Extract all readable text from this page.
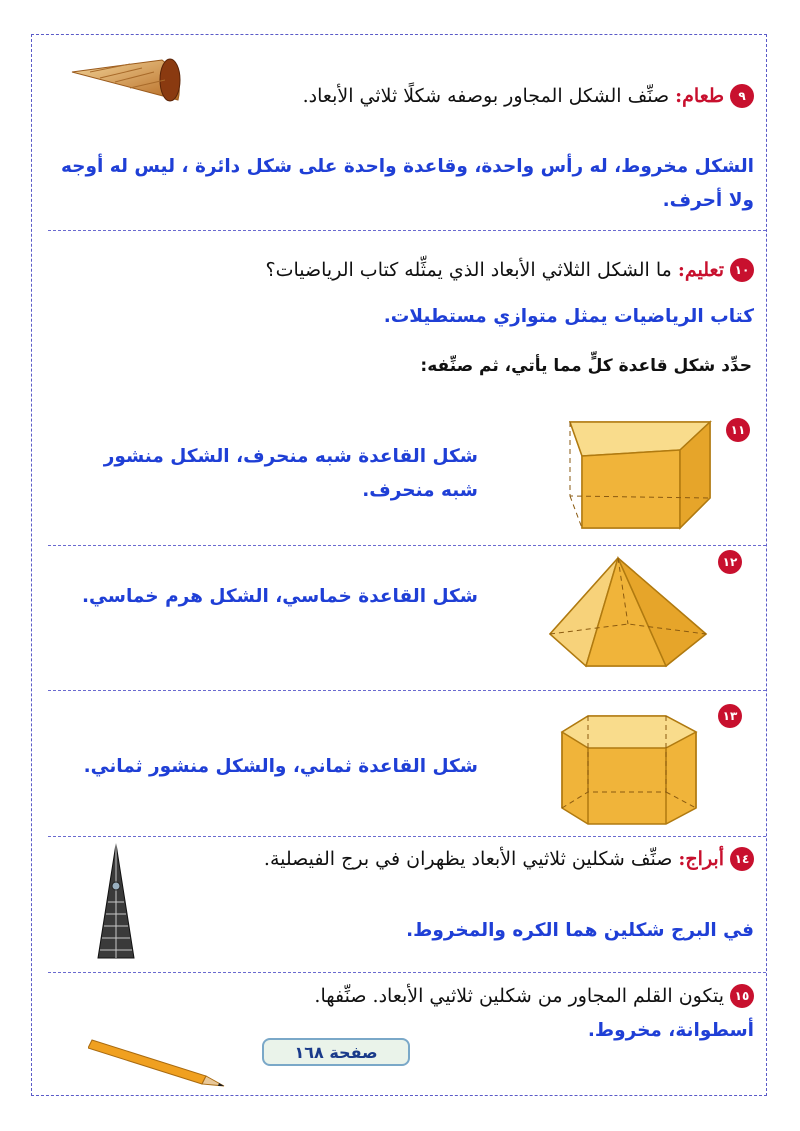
٩
طعام:
صنِّف الشكل المجاور بوصفه شكلًا ثلاثي الأبعاد.
الشكل مخروط، له رأس واحدة، وقاعدة واحدة على شكل دائرة ، ليس له أوجه ولا أحرف.
١٠
تعليم:
ما الشكل الثلاثي الأبعاد الذي يمثِّله كتاب الرياضيات؟
كتاب الرياضيات يمثل متوازي مستطيلات.
حدِّد شكل قاعدة كلٍّ مما يأتي، ثم صنِّفه:
١١
شكل القاعدة شبه منحرف، الشكل منشور شبه منحرف.
١٢
شكل القاعدة خماسي، الشكل هرم خماسي.
١٣
شكل القاعدة ثماني، والشكل منشور ثماني.
١٤
أبراج:
صنِّف شكلين ثلاثيي الأبعاد يظهران في برج الفيصلية.
في البرج شكلين هما الكره والمخروط.
١٥
يتكون القلم المجاور من شكلين ثلاثيي الأبعاد. صنِّفها.
أسطوانة، مخروط.
صفحة ١٦٨
